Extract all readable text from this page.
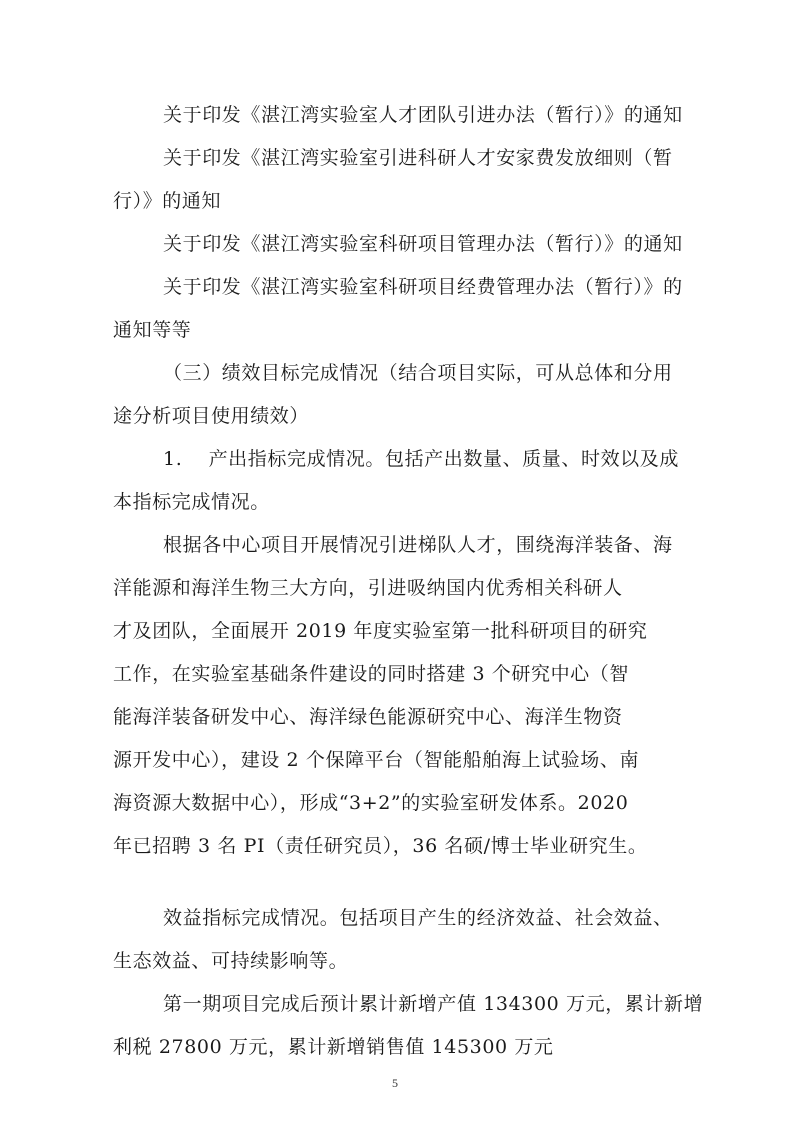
关于印发《湛江湾实验室人才团队引进办法（暂行）》的通知
关于印发《湛江湾实验室引进科研人才安家费发放细则（暂
行）》的通知
关于印发《湛江湾实验室科研项目管理办法（暂行）》的通知
关于印发《湛江湾实验室科研项目经费管理办法（暂行）》的
通知等等
（三）绩效目标完成情况（结合项目实际，可从总体和分用
途分析项目使用绩效）
1.　 产出指标完成情况。包括产出数量、质量、时效以及成
本指标完成情况。
根据各中心项目开展情况引进梯队人才，围绕海洋装备、海
洋能源和海洋生物三大方向，引进吸纳国内优秀相关科研人
才及团队，全面展开 2019 年度实验室第一批科研项目的研究
工作，在实验室基础条件建设的同时搭建 3 个研究中心（智
能海洋装备研发中心、海洋绿色能源研究中心、海洋生物资
源开发中心），建设 2 个保障平台（智能船舶海上试验场、南
海资源大数据中心），形成“3+2”的实验室研发体系。2020
年已招聘 3 名 PI（责任研究员），36 名硕/博士毕业研究生。
效益指标完成情况。包括项目产生的经济效益、社会效益、
生态效益、可持续影响等。
第一期项目完成后预计累计新增产值 134300 万元，累计新增
利税 27800 万元，累计新增销售值 145300 万元
5
